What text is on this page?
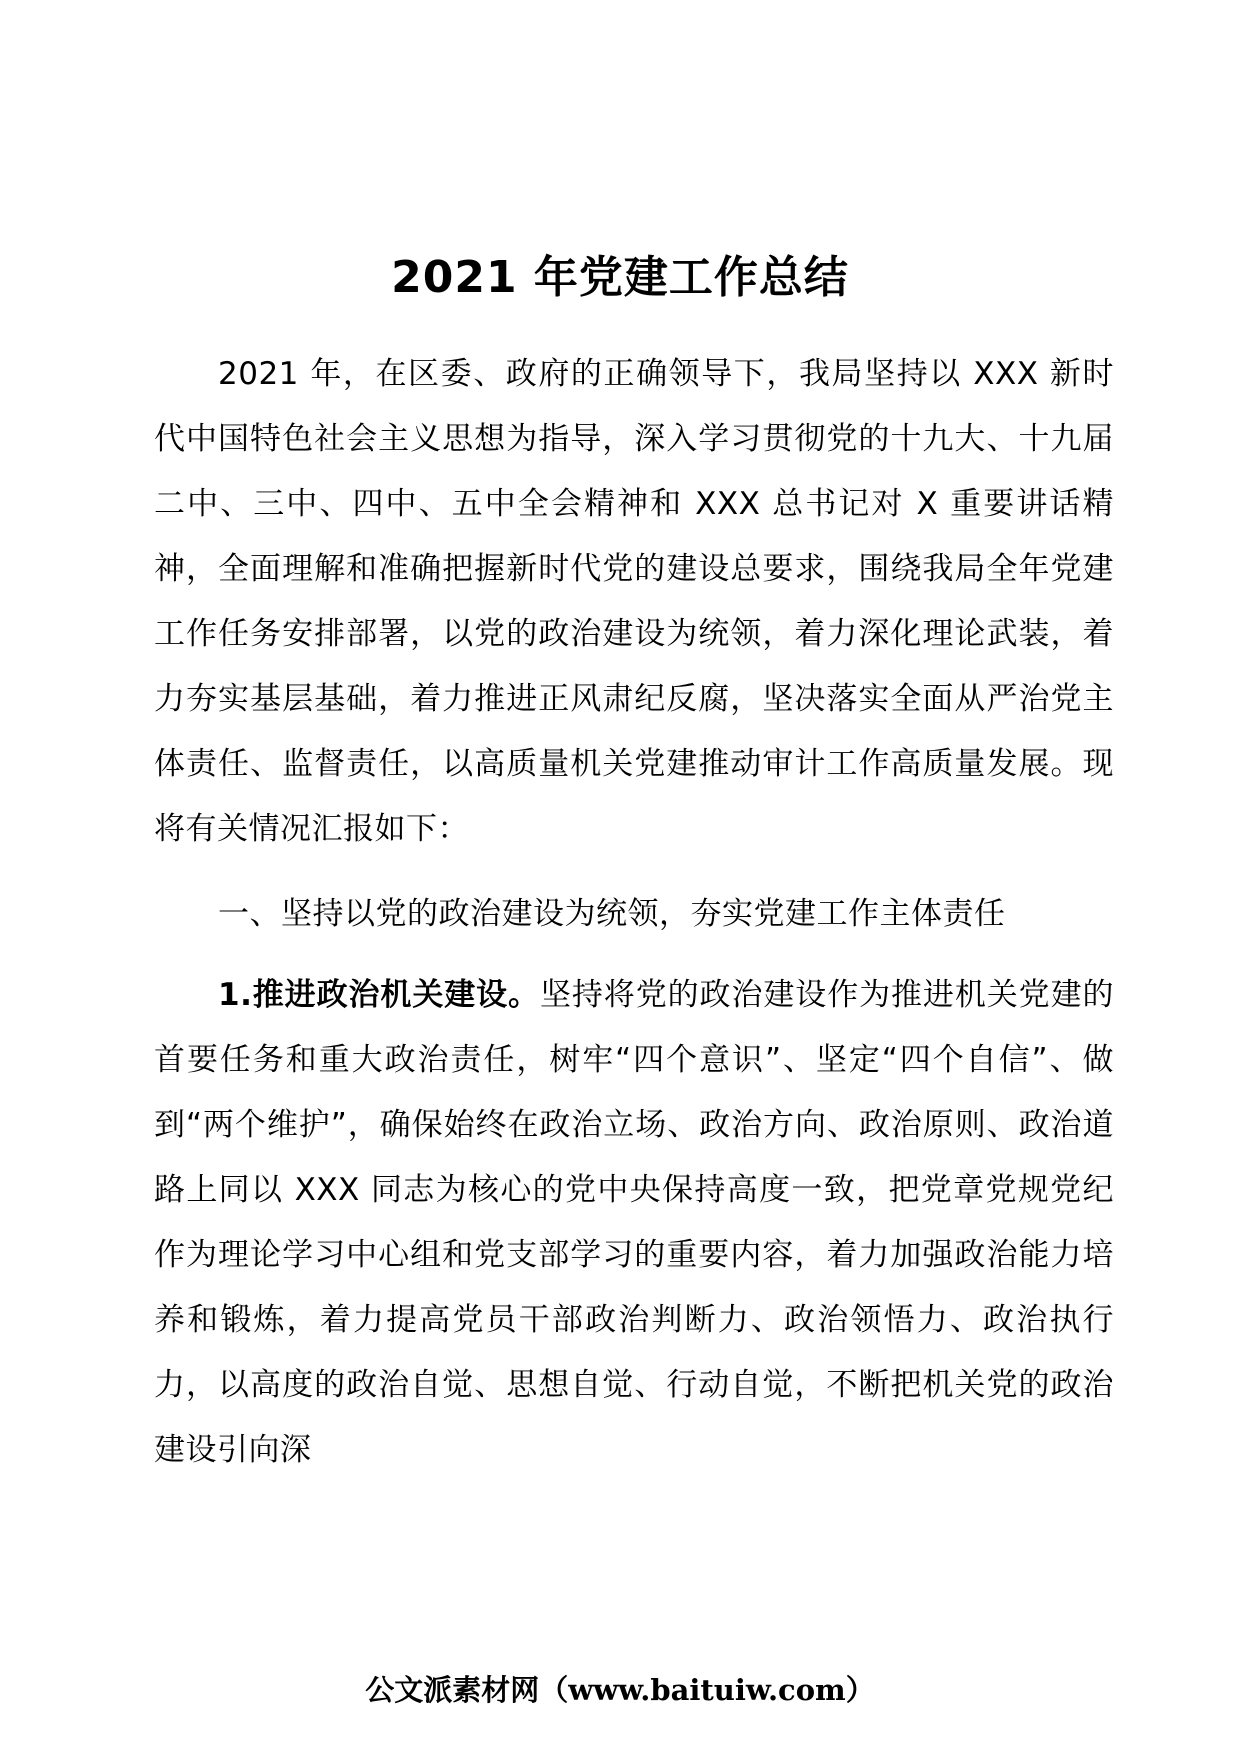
2021 年党建工作总结

2021 年，在区委、政府的正确领导下，我局坚持以 XXX 新时代中国特色社会主义思想为指导，深入学习贯彻党的十九大、十九届二中、三中、四中、五中全会精神和 XXX 总书记对 X 重要讲话精神，全面理解和准确把握新时代党的建设总要求，围绕我局全年党建工作任务安排部署，以党的政治建设为统领，着力深化理论武装，着力夯实基层基础，着力推进正风肃纪反腐，坚决落实全面从严治党主体责任、监督责任，以高质量机关党建推动审计工作高质量发展。现将有关情况汇报如下：

一、坚持以党的政治建设为统领，夯实党建工作主体责任

1.推进政治机关建设。坚持将党的政治建设作为推进机关党建的首要任务和重大政治责任，树牢“四个意识”、坚定“四个自信”、做到“两个维护”，确保始终在政治立场、政治方向、政治原则、政治道路上同以 XXX 同志为核心的党中央保持高度一致，把党章党规党纪作为理论学习中心组和党支部学习的重要内容，着力加强政治能力培养和锻炼，着力提高党员干部政治判断力、政治领悟力、政治执行力，以高度的政治自觉、思想自觉、行动自觉，不断把机关党的政治建设引向深

公文派素材网（www.baituiw.com）
